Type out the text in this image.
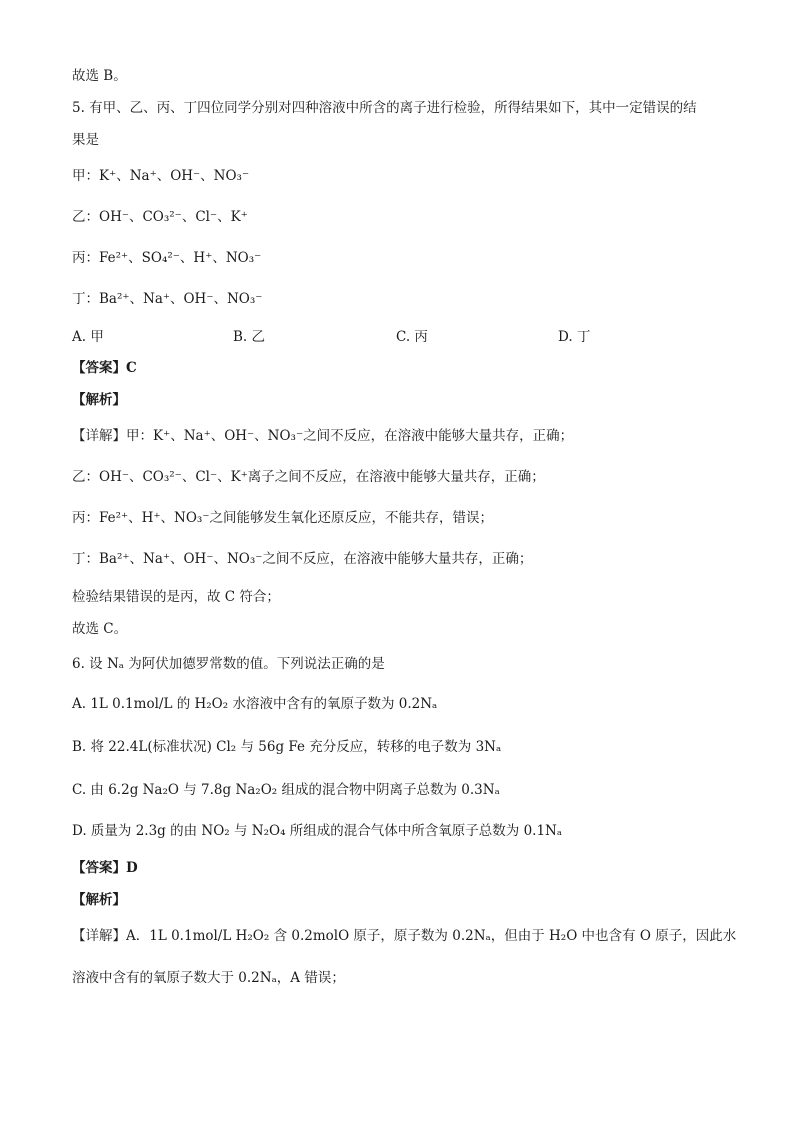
故选 B。
5. 有甲、乙、丙、丁四位同学分别对四种溶液中所含的离子进行检验，所得结果如下，其中一定错误的结
果是
甲：K⁺、Na⁺、OH⁻、NO₃⁻
乙：OH⁻、CO₃²⁻、Cl⁻、K⁺
丙：Fe²⁺、SO₄²⁻、H⁺、NO₃⁻
丁：Ba²⁺、Na⁺、OH⁻、NO₃⁻
A. 甲	B. 乙	C. 丙	D. 丁
【答案】C
【解析】
【详解】甲：K⁺、Na⁺、OH⁻、NO₃⁻之间不反应，在溶液中能够大量共存，正确；
乙：OH⁻、CO₃²⁻、Cl⁻、K⁺离子之间不反应，在溶液中能够大量共存，正确；
丙：Fe²⁺、H⁺、NO₃⁻之间能够发生氧化还原反应，不能共存，错误；
丁：Ba²⁺、Na⁺、OH⁻、NO₃⁻之间不反应，在溶液中能够大量共存，正确；
检验结果错误的是丙，故 C 符合；
故选 C。
6. 设 Nₐ 为阿伏加德罗常数的值。下列说法正确的是
A. 1L 0.1mol/L 的 H₂O₂ 水溶液中含有的氧原子数为 0.2Nₐ
B. 将 22.4L(标准状况) Cl₂ 与 56g Fe 充分反应，转移的电子数为 3Nₐ
C. 由 6.2g Na₂O 与 7.8g Na₂O₂ 组成的混合物中阴离子总数为 0.3Nₐ
D. 质量为 2.3g 的由 NO₂ 与 N₂O₄ 所组成的混合气体中所含氧原子总数为 0.1Nₐ
【答案】D
【解析】
【详解】A．1L 0.1mol/L H₂O₂ 含 0.2molO 原子，原子数为 0.2Nₐ，但由于 H₂O 中也含有 O 原子，因此水
溶液中含有的氧原子数大于 0.2Nₐ，A 错误；
